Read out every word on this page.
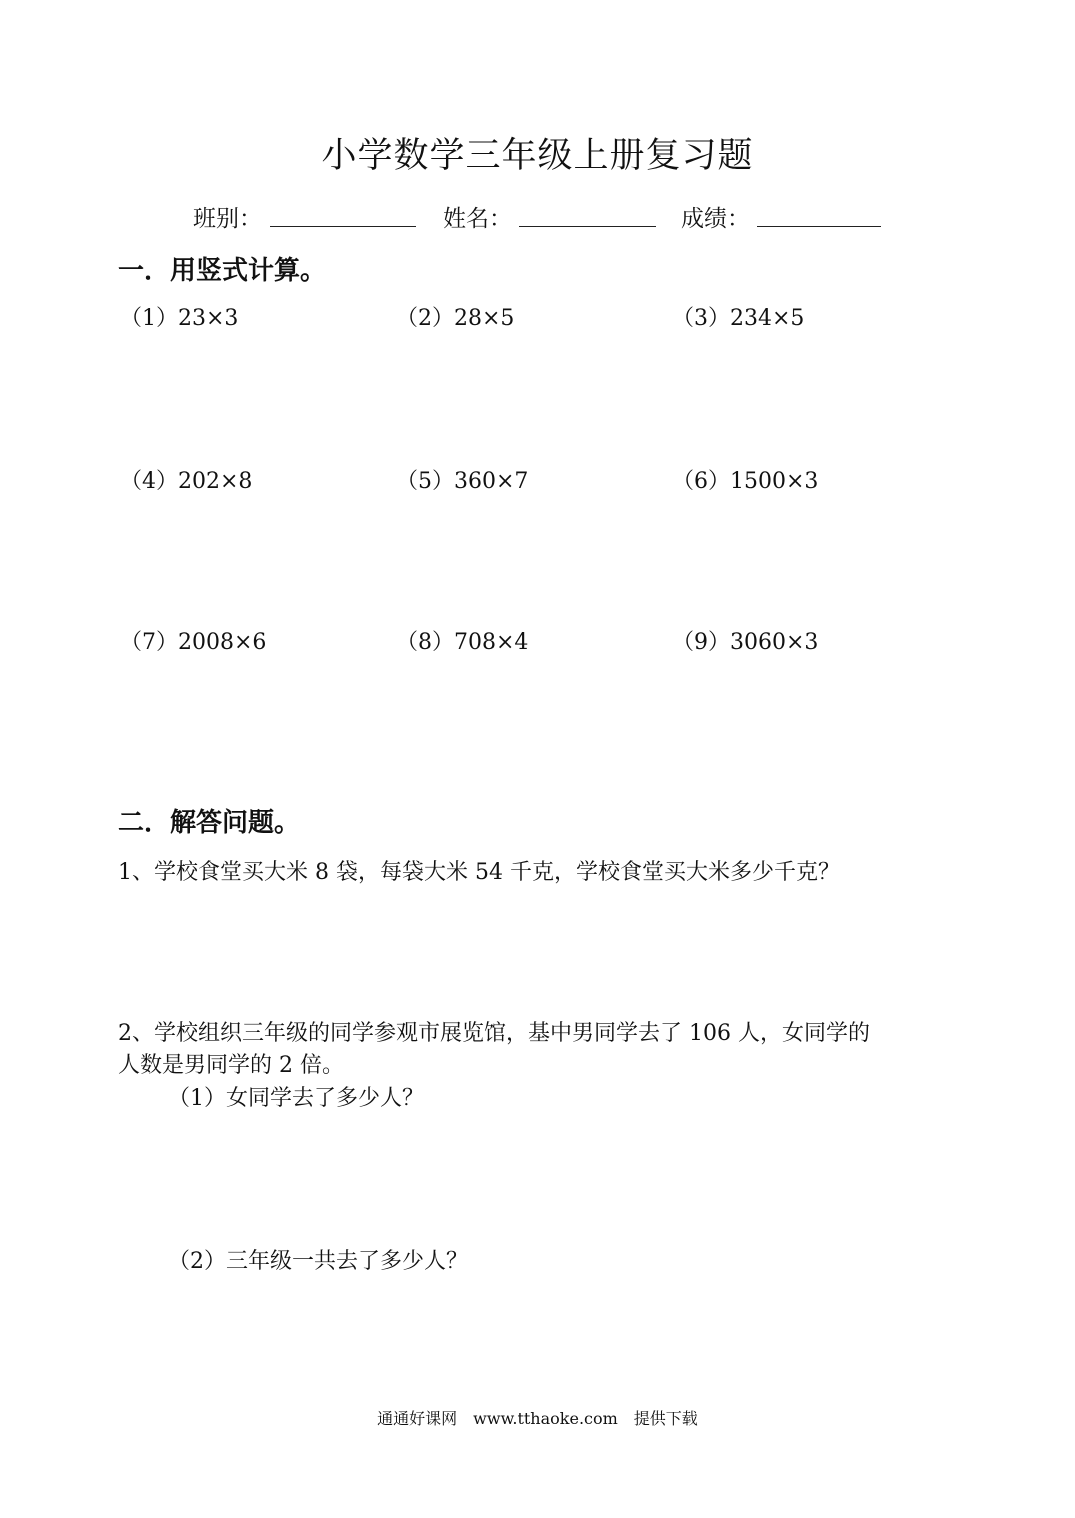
小学数学三年级上册复习题
班别：	姓名：	成绩：
一．用竖式计算。
（1）23×3	（2）28×5	（3）234×5
（4）202×8	（5）360×7	（6）1500×3
（7）2008×6	（8）708×4	（9）3060×3
二．解答问题。
1、学校食堂买大米 8 袋，每袋大米 54 千克，学校食堂买大米多少千克？
2、学校组织三年级的同学参观市展览馆，基中男同学去了 106 人，女同学的
人数是男同学的 2 倍。
（1）女同学去了多少人？
（2）三年级一共去了多少人？
通通好课网　www.tthaoke.com　提供下载
